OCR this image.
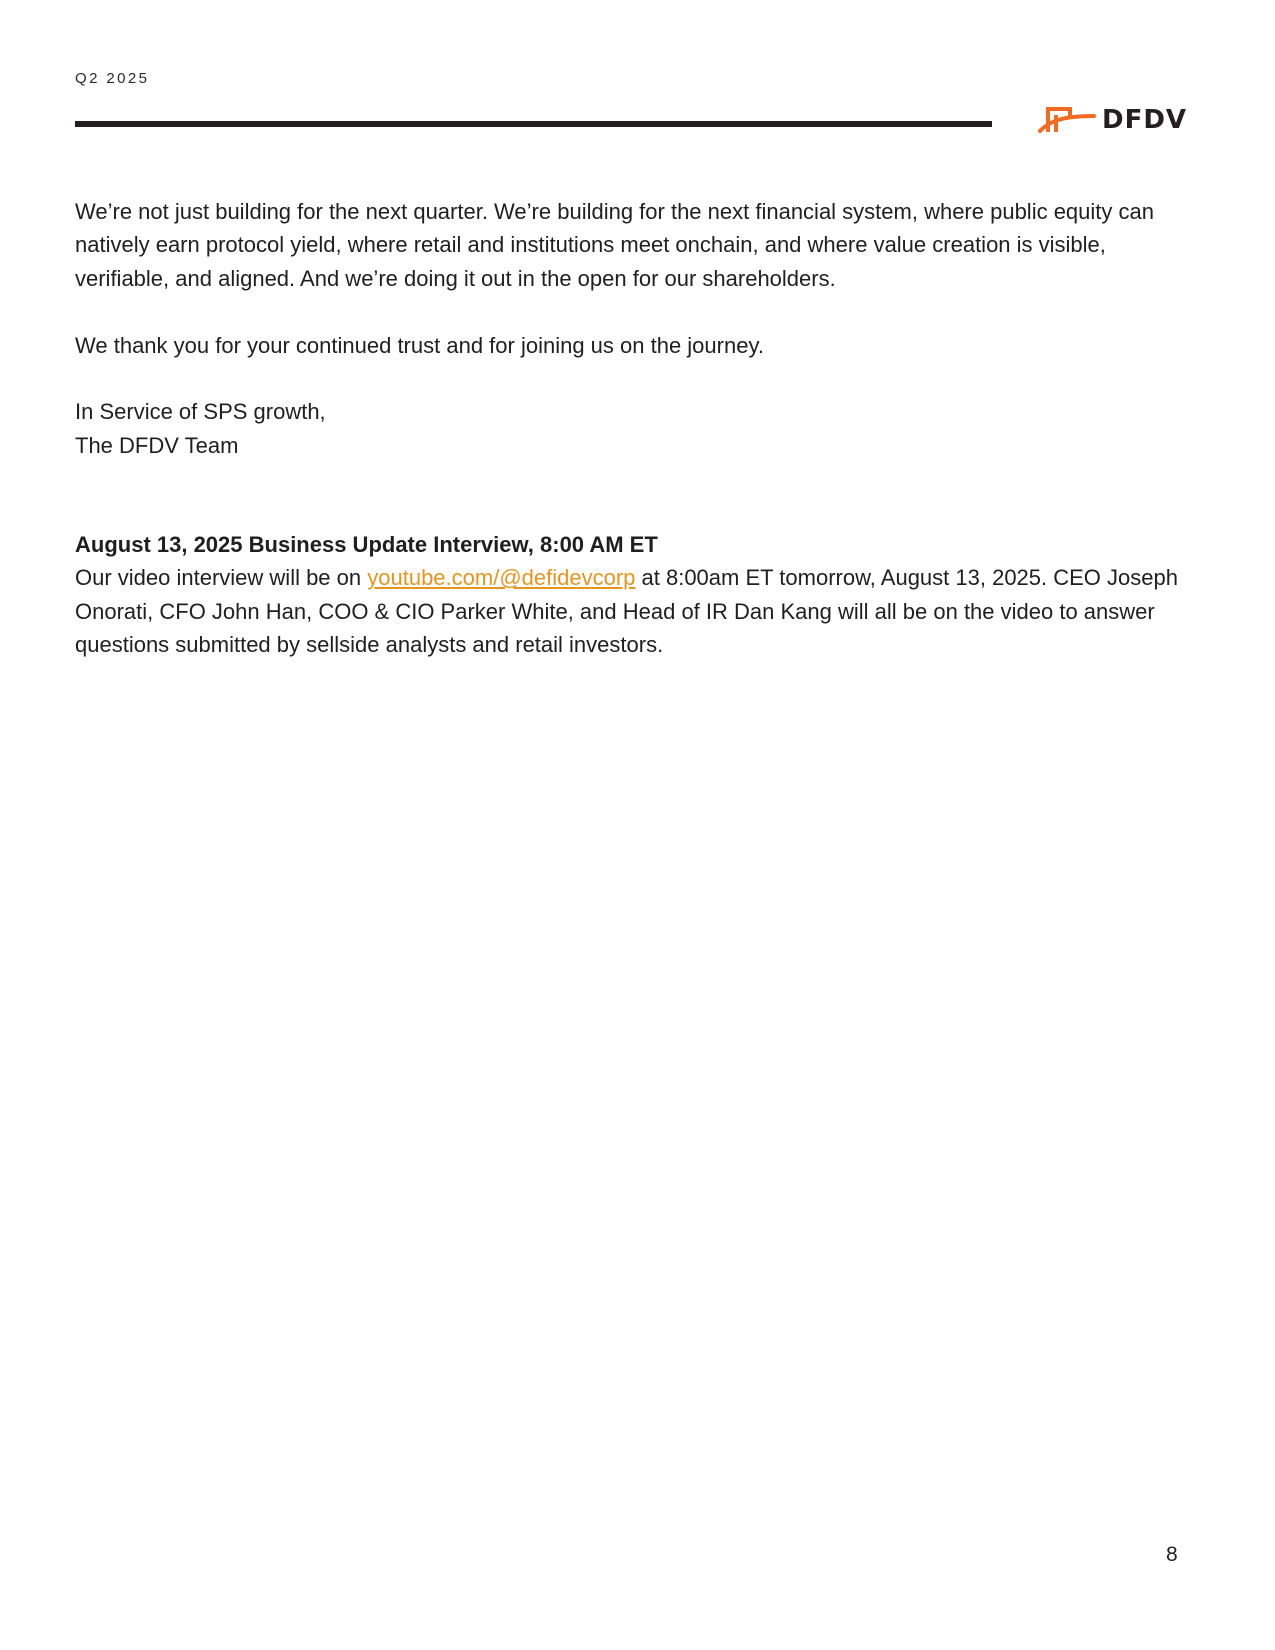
Q2 2025
DFDV

We’re not just building for the next quarter. We’re building for the next financial system, where public equity can natively earn protocol yield, where retail and institutions meet onchain, and where value creation is visible, verifiable, and aligned. And we’re doing it out in the open for our shareholders.

We thank you for your continued trust and for joining us on the journey.

In Service of SPS growth,
The DFDV Team

August 13, 2025 Business Update Interview, 8:00 AM ET

Our video interview will be on youtube.com/@defidevcorp at 8:00am ET tomorrow, August 13, 2025. CEO Joseph Onorati, CFO John Han, COO & CIO Parker White, and Head of IR Dan Kang will all be on the video to answer questions submitted by sellside analysts and retail investors.

8
